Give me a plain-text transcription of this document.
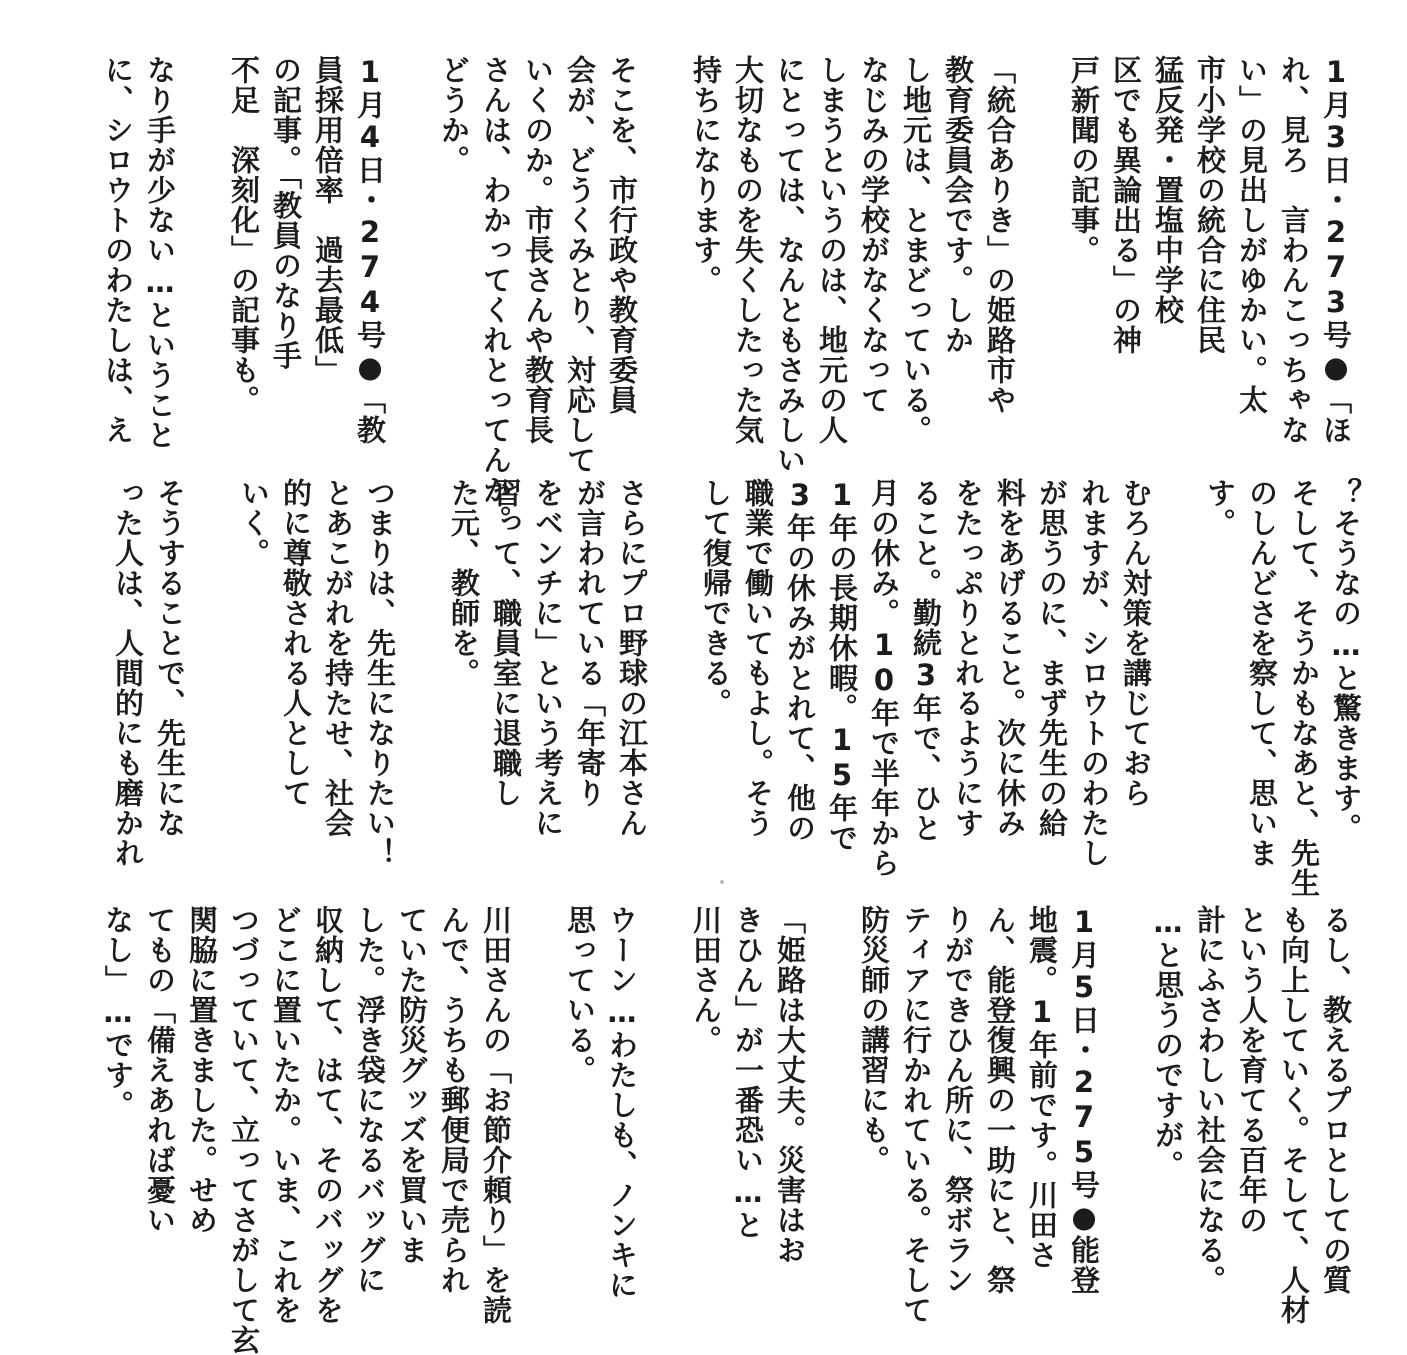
1月3日・273号●「ほ
れ、見ろ　言わんこっちゃな
い」の見出しがゆかい。太
市小学校の統合に住民
猛反発・置塩中学校
区でも異論出る」の神
戸新聞の記事。

「統合ありき」の姫路市や
教育委員会です。しか
し地元は、とまどっている。
なじみの学校がなくなって
しまうというのは、地元の人
にとっては、なんともさみしい
大切なものを失くしたった気
持ちになります。

そこを、市行政や教育委員
会が、どうくみとり、対応して
いくのか。市長さんや教育長
さんは、わかってくれとってんか。
どうか。

1月4日・274号●「教
員採用倍率　過去最低」
の記事。「教員のなり手
不足　深刻化」の記事も。

なり手が少ない…ということ
に、シロウトのわたしは、え
？そうなの…と驚きます。
そして、そうかもなあと、先生
のしんどさを察して、思いま
す。

むろん対策を講じておら
れますが、シロウトのわたし
が思うのに、まず先生の給
料をあげること。次に休み
をたっぷりとれるようにす
ること。勤続3年で、ひと
月の休み。10年で半年から
1年の長期休暇。15年で
3年の休みがとれて、他の
職業で働いてもよし。そう
して復帰できる。

さらにプロ野球の江本さん
が言われている「年寄り
をベンチに」という考えに
習って、職員室に退職し
た元、教師を。

つまりは、先生になりたい！
とあこがれを持たせ、社会
的に尊敬される人として
いく。

そうすることで、先生にな
った人は、人間的にも磨かれ
るし、教えるプロとしての質
も向上していく。そして、人材
という人を育てる百年の
計にふさわしい社会になる。
…と思うのですが。

1月5日・275号●能登
地震。1年前です。川田さ
ん、能登復興の一助にと、祭
りができひん所に、祭ボラン
ティアに行かれている。そして
防災師の講習にも。

「姫路は大丈夫。災害はお
きひん」が一番恐い…と
川田さん。

ウーン…わたしも、ノンキに
思っている。

川田さんの「お節介頼り」を読
んで、うちも郵便局で売られ
ていた防災グッズを買いま
した。浮き袋になるバッグに
収納して、はて、そのバッグを
どこに置いたか。いま、これを
つづっていて、立ってさがして玄
関脇に置きました。せめ
てもの「備えあれば憂い
なし」…です。
